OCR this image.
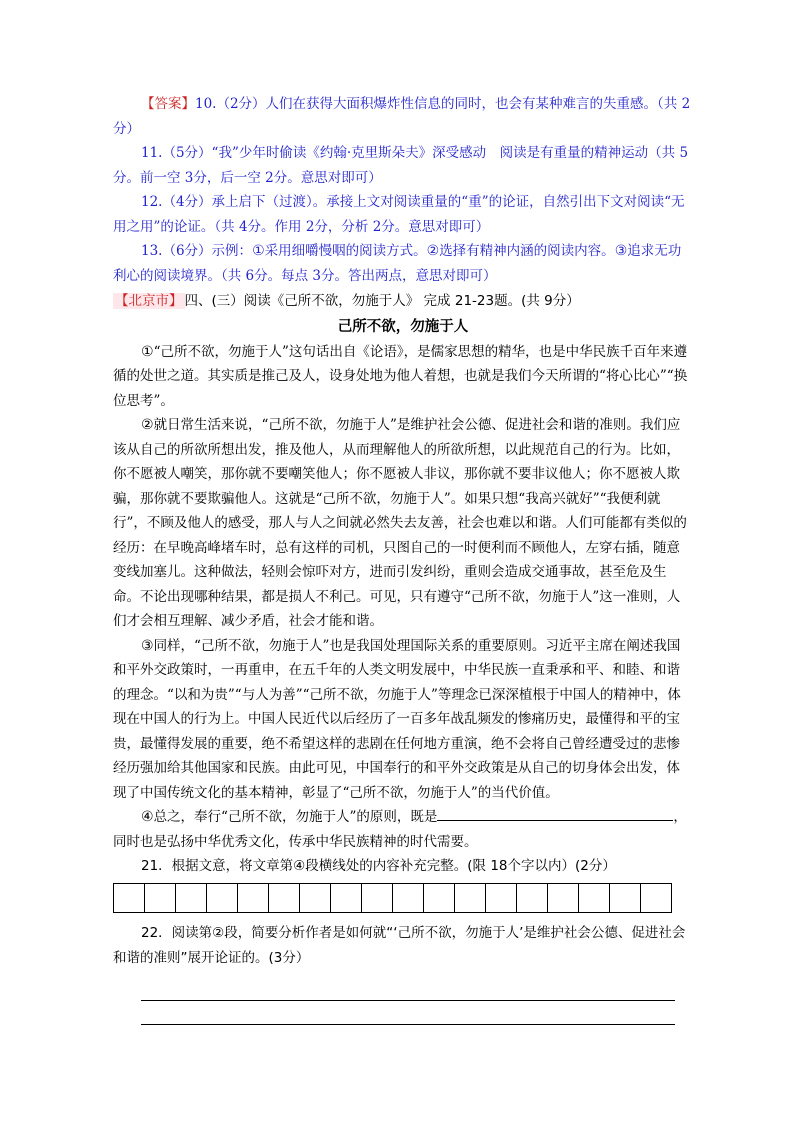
【答案】10.（2分）人们在获得大面积爆炸性信息的同时，也会有某种难言的失重感。（共 2分）

11.（5分）“我”少年时偷读《约翰·克里斯朵夫》深受感动　阅读是有重量的精神运动（共 5分。前一空 3分，后一空 2分。意思对即可）

12.（4分）承上启下（过渡）。承接上文对阅读重量的“重”的论证，自然引出下文对阅读“无用之用”的论证。（共 4分。作用 2分，分析 2分。意思对即可）

13.（6分）示例：①采用细嚼慢咽的阅读方式。②选择有精神内涵的阅读内容。③追求无功利心的阅读境界。（共 6分。每点 3分。答出两点，意思对即可）

【北京市】 四、(三）阅读《己所不欲，勿施于人》 完成 21-23题。(共 9分）

己所不欲，勿施于人

①“己所不欲，勿施于人”这句话出自《论语》，是儒家思想的精华，也是中华民族千百年来遵循的处世之道。其实质是推己及人，设身处地为他人着想，也就是我们今天所谓的“将心比心”“换位思考”。

②就日常生活来说，“己所不欲，勿施于人”是维护社会公德、促进社会和谐的准则。我们应该从自己的所欲所想出发，推及他人，从而理解他人的所欲所想，以此规范自己的行为。比如，你不愿被人嘲笑，那你就不要嘲笑他人；你不愿被人非议，那你就不要非议他人；你不愿被人欺骗，那你就不要欺骗他人。这就是“己所不欲，勿施于人”。如果只想“我高兴就好”“我便利就行”，不顾及他人的感受，那人与人之间就必然失去友善，社会也难以和谐。人们可能都有类似的经历：在早晚高峰堵车时，总有这样的司机，只图自己的一时便利而不顾他人，左穿右插，随意变线加塞儿。这种做法，轻则会惊吓对方，进而引发纠纷，重则会造成交通事故，甚至危及生命。不论出现哪种结果，都是损人不利己。可见，只有遵守“己所不欲，勿施于人”这一准则，人们才会相互理解、减少矛盾，社会才能和谐。

③同样，“己所不欲，勿施于人”也是我国处理国际关系的重要原则。习近平主席在阐述我国和平外交政策时，一再重申，在五千年的人类文明发展中，中华民族一直秉承和平、和睦、和谐的理念。“以和为贵”“与人为善”“己所不欲，勿施于人”等理念已深深植根于中国人的精神中，体现在中国人的行为上。中国人民近代以后经历了一百多年战乱频发的惨痛历史，最懂得和平的宝贵，最懂得发展的重要，绝不希望这样的悲剧在任何地方重演，绝不会将自己曾经遭受过的悲惨经历强加给其他国家和民族。由此可见，中国奉行的和平外交政策是从自己的切身体会出发，体现了中国传统文化的基本精神，彰显了“己所不欲，勿施于人”的当代价值。

④总之，奉行“己所不欲，勿施于人”的原则，既是	，同时也是弘扬中华优秀文化，传承中华民族精神的时代需要。

21．根据文意，将文章第④段横线处的内容补充完整。(限 18个字以内）(2分）

22．阅读第②段，简要分析作者是如何就“‘己所不欲，勿施于人’是维护社会公德、促进社会和谐的准则”展开论证的。(3分）
